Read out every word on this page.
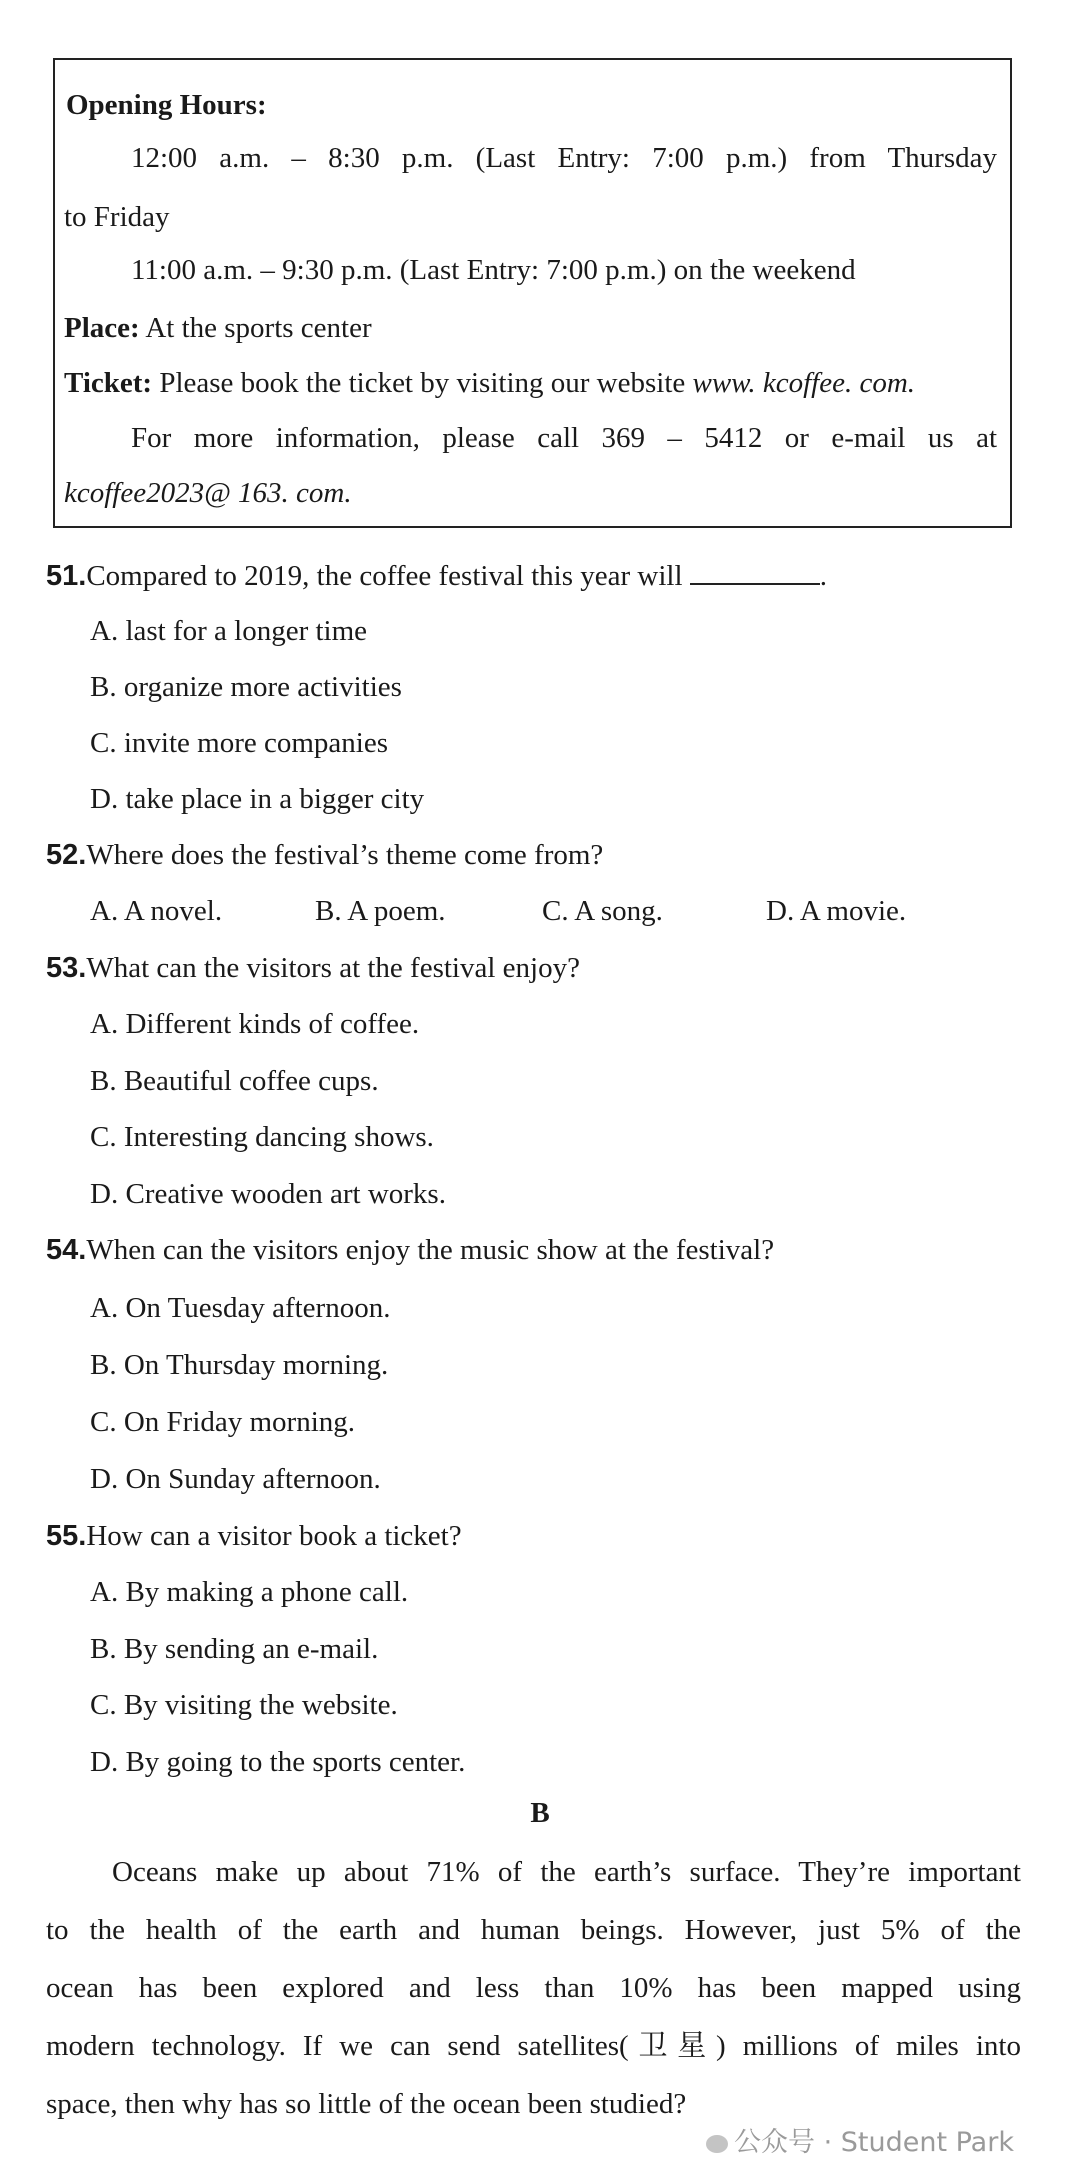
Opening Hours:
12:00 a.m. – 8:30 p.m. (Last Entry: 7:00 p.m.) from Thursday
to Friday
11:00 a.m. – 9:30 p.m. (Last Entry: 7:00 p.m.) on the weekend
Place: At the sports center
Ticket: Please book the ticket by visiting our website www. kcoffee. com.
For more information, please call 369 – 5412 or e-mail us at
kcoffee2023@ 163. com.
51.Compared to 2019, the coffee festival this year will	.
A. last for a longer time
B. organize more activities
C. invite more companies
D. take place in a bigger city
52.Where does the festival’s theme come from?
A. A novel.	B. A poem.	C. A song.	D. A movie.
53.What can the visitors at the festival enjoy?
A. Different kinds of coffee.
B. Beautiful coffee cups.
C. Interesting dancing shows.
D. Creative wooden art works.
54.When can the visitors enjoy the music show at the festival?
A. On Tuesday afternoon.
B. On Thursday morning.
C. On Friday morning.
D. On Sunday afternoon.
55.How can a visitor book a ticket?
A. By making a phone call.
B. By sending an e-mail.
C. By visiting the website.
D. By going to the sports center.
B
Oceans make up about 71% of the earth’s surface. They’re important
to the health of the earth and human beings. However, just 5% of the
ocean has been explored and less than 10% has been mapped using
modern technology. If we can send satellites(卫星) millions of miles into
space, then why has so little of the ocean been studied?
公众号 · Student Park
